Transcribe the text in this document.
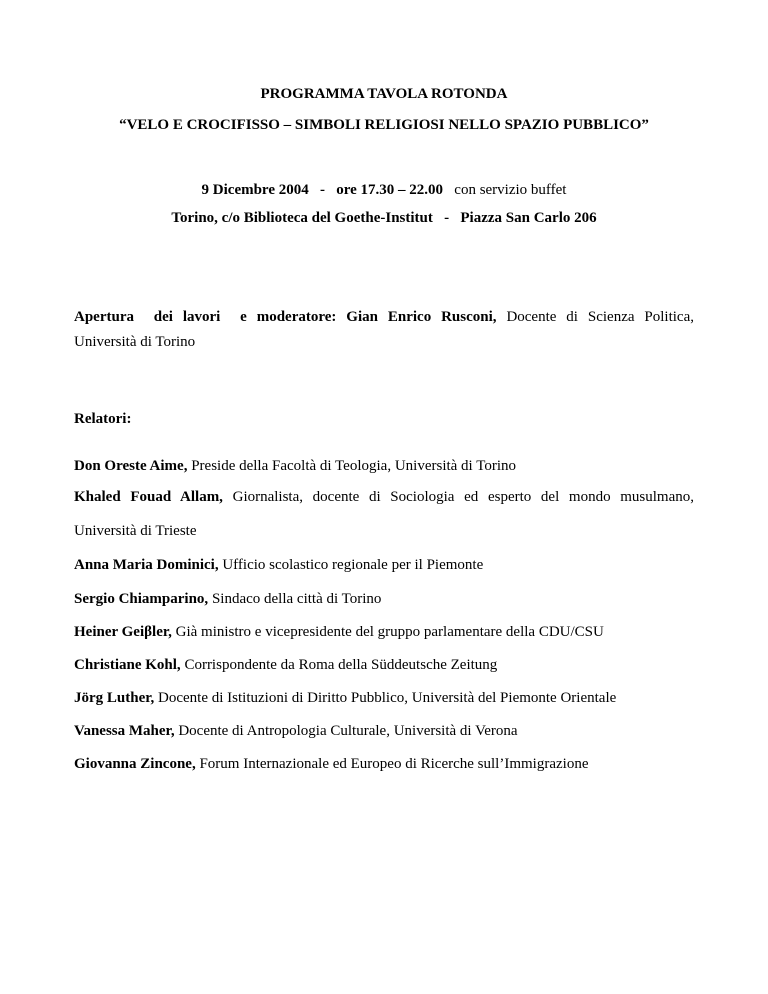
PROGRAMMA TAVOLA ROTONDA
“VELO E CROCIFISSO – SIMBOLI RELIGIOSI NELLO SPAZIO PUBBLICO”
9 Dicembre 2004 - ore 17.30 – 22.00 con servizio buffet
Torino, c/o Biblioteca del Goethe-Institut - Piazza San Carlo 206
Apertura  dei lavori  e moderatore: Gian Enrico Rusconi, Docente di Scienza Politica,
Università di Torino
Relatori:
Don Oreste Aime, Preside della Facoltà di Teologia, Università di Torino
Khaled Fouad Allam, Giornalista, docente di Sociologia ed esperto del mondo musulmano,
Università di Trieste
Anna Maria Dominici, Ufficio scolastico regionale per il Piemonte
Sergio Chiamparino, Sindaco della città di Torino
Heiner Geiβler, Già ministro e vicepresidente del gruppo parlamentare della CDU/CSU
Christiane Kohl, Corrispondente da Roma della Süddeutsche Zeitung
Jörg Luther, Docente di Istituzioni di Diritto Pubblico, Università del Piemonte Orientale
Vanessa Maher, Docente di Antropologia Culturale, Università di Verona
Giovanna Zincone, Forum Internazionale ed Europeo di Ricerche sull’Immigrazione
